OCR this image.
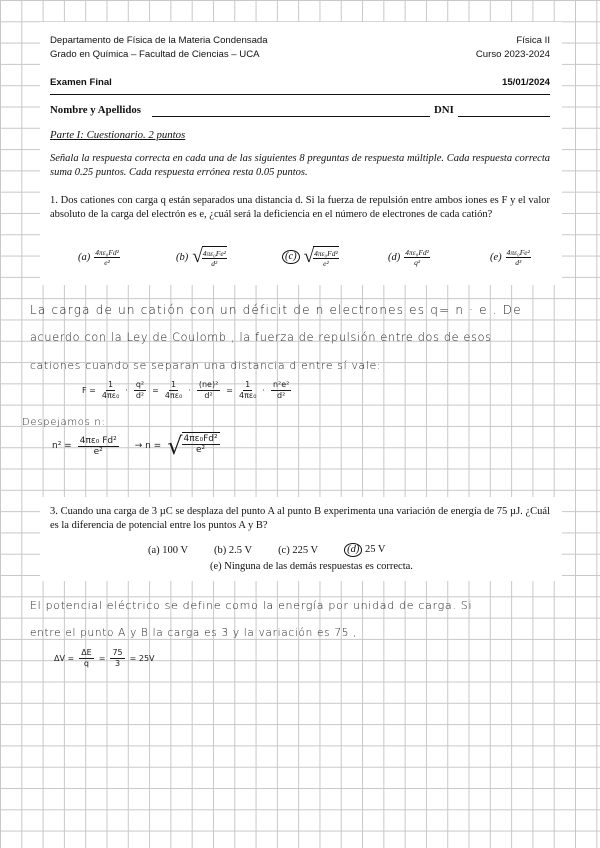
Departamento de Física de la Materia Condensada
Grado en Química – Facultad de Ciencias – UCA
Física II
Curso 2023-2024
Examen Final	15/01/2024
Nombre y Apellidos	DNI
Parte I: Cuestionario. 2 puntos
Señala la respuesta correcta en cada una de las siguientes 8 preguntas de respuesta múltiple. Cada respuesta correcta suma 0.25 puntos. Cada respuesta errónea resta 0.05 puntos.
1. Dos cationes con carga q están separados una distancia d. Si la fuerza de repulsión entre ambos iones es F y el valor absoluto de la carga del electrón es e, ¿cuál será la deficiencia en el número de electrones de cada catión?
$(a) \frac{\text{4πε₀Fd²}}{\text{e²}}$	(b) √ $\frac{\text{4πε₀Fe²}}{\text{d²}}$	(c) √ $\frac{\text{4πε₀Fd²}}{\text{e²}}$	$(d) \frac{\text{4πε₀Fd²}}{\text{q²}}$	$(e) \frac{\text{4πε₀Fe²}}{\text{d³}}$
La carga de un catión con un déficit de n electrones es q= n · e . De
acuerdo con la Ley de Coulomb , la fuerza de repulsión entre dos de esos
cationes cuando se separan una distancia d entre sí vale:
$F = \frac{1}{\text{4πε₀}} \cdot \frac{\text{q²}}{\text{d²}} = \frac{1}{\text{4πε₀}} \cdot \frac{\text{(ne)²}}{\text{d²}} = \frac{1}{\text{4πε₀}}$ ·
n²e²
d²
Despejamos n:
$n^2 = \frac{\text{4πε₀ Fd²}}{\text{e²}} \to n$ = √ $\frac{\text{4πε₀Fd²}}{\text{e²}}$
3. Cuando una carga de 3 µC se desplaza del punto A al punto B experimenta una variación de energía de 75 µJ. ¿Cuál es la diferencia de potencial entre los puntos A y B?
(a) 100 V (b) 2.5 V (c) 225 V	(d) 25 V
(e) Ninguna de las demás respuestas es correcta.
El potencial eléctrico se define como la energía por unidad de carga. Si
entre el punto A y B la carga es 3 y la variación es 75 ,
$\Delta V = \frac{\Delta E}{q} = \frac{75}{3} = 25V$
